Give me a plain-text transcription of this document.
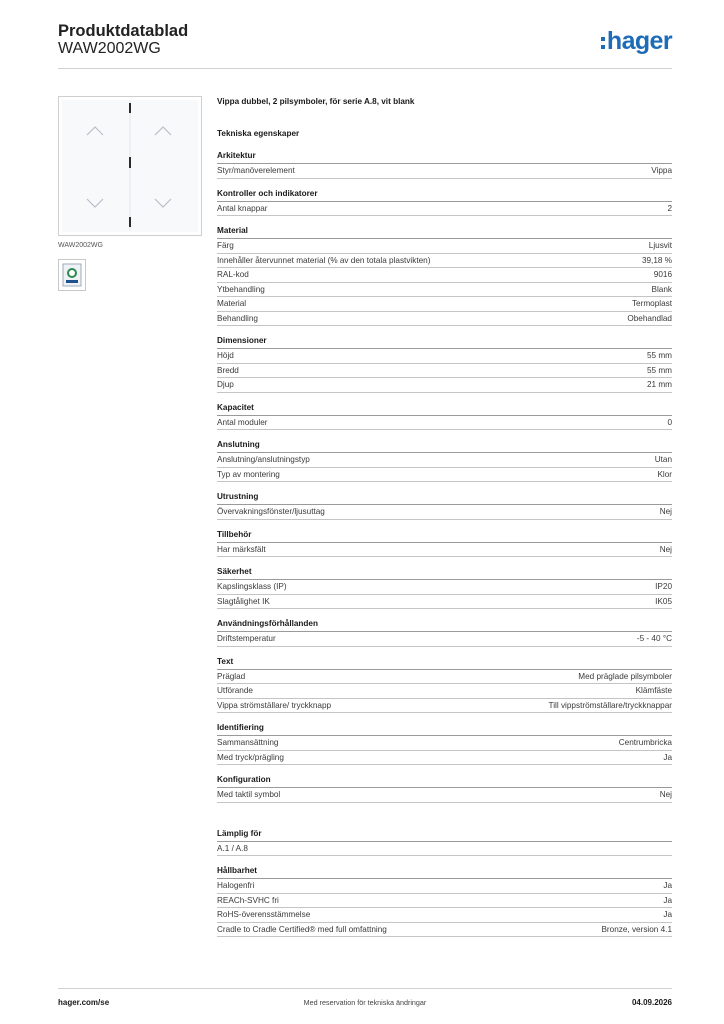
Produktdatablad
WAW2002WG	hager
WAW2002WG
Vippa dubbel, 2 pilsymboler, för serie A.8, vit blank
Tekniska egenskaper
Arkitektur
Styr/manöverelement	Vippa
Kontroller och indikatorer
Antal knappar	2
Material
Färg	Ljusvit
Innehåller återvunnet material (% av den totala plastvikten)	39,18 %
RAL-kod	9016
Ytbehandling	Blank
Material	Termoplast
Behandling	Obehandlad
Dimensioner
Höjd	55 mm
Bredd	55 mm
Djup	21 mm
Kapacitet
Antal moduler	0
Anslutning
Anslutning/anslutningstyp	Utan
Typ av montering	Klor
Utrustning
Övervakningsfönster/ljusuttag	Nej
Tillbehör
Har märksfält	Nej
Säkerhet
Kapslingsklass (IP)	IP20
Slagtålighet IK	IK05
Användningsförhållanden
Driftstemperatur	-5 - 40 °C
Text
Präglad	Med präglade pilsymboler
Utförande	Klämfäste
Vippa strömställare/ tryckknapp	Till vippströmställare/tryckknappar
Identifiering
Sammansättning	Centrumbricka
Med tryck/prägling	Ja
Konfiguration
Med taktil symbol	Nej
Lämplig för
A.1 / A.8
Hållbarhet
Halogenfri	Ja
REACh-SVHC fri	Ja
RoHS-överensstämmelse	Ja
Cradle to Cradle Certified® med full omfattning	Bronze, version 4.1
hager.com/se	Med reservation för tekniska ändringar	04.09.2026
